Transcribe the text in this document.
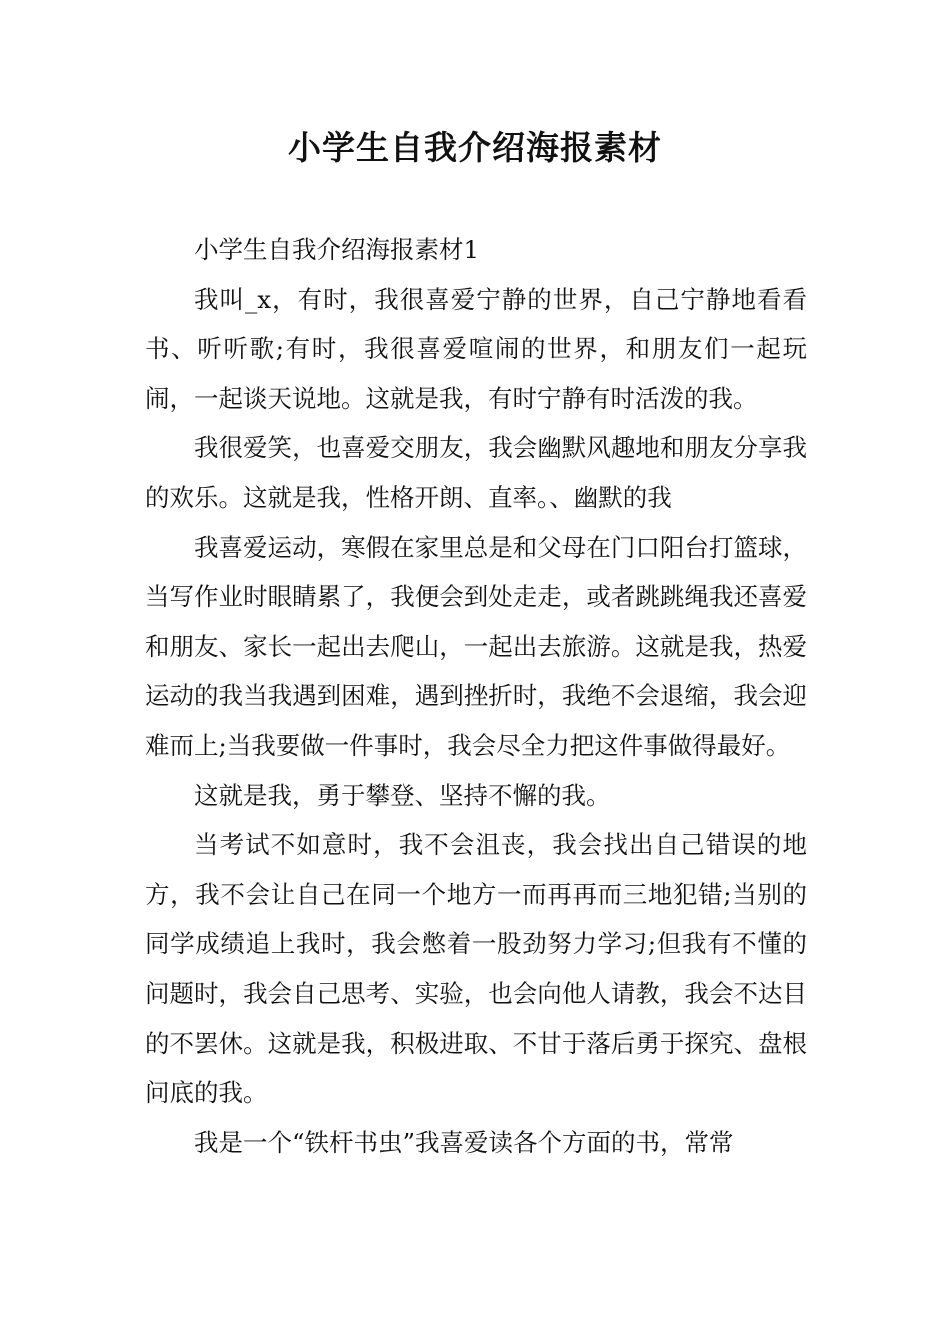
小学生自我介绍海报素材

小学生自我介绍海报素材1

我叫_x，有时，我很喜爱宁静的世界，自己宁静地看看书、听听歌;有时，我很喜爱喧闹的世界，和朋友们一起玩闹，一起谈天说地。这就是我，有时宁静有时活泼的我。

我很爱笑，也喜爱交朋友，我会幽默风趣地和朋友分享我的欢乐。这就是我，性格开朗、直率。、幽默的我

我喜爱运动，寒假在家里总是和父母在门口阳台打篮球，当写作业时眼睛累了，我便会到处走走，或者跳跳绳我还喜爱和朋友、家长一起出去爬山，一起出去旅游。这就是我，热爱运动的我当我遇到困难，遇到挫折时，我绝不会退缩，我会迎难而上;当我要做一件事时，我会尽全力把这件事做得最好。

这就是我，勇于攀登、坚持不懈的我。

当考试不如意时，我不会沮丧，我会找出自己错误的地方，我不会让自己在同一个地方一而再再而三地犯错;当别的同学成绩追上我时，我会憋着一股劲努力学习;但我有不懂的问题时，我会自己思考、实验，也会向他人请教，我会不达目的不罢休。这就是我，积极进取、不甘于落后勇于探究、盘根问底的我。

我是一个“铁杆书虫”我喜爱读各个方面的书，常常
